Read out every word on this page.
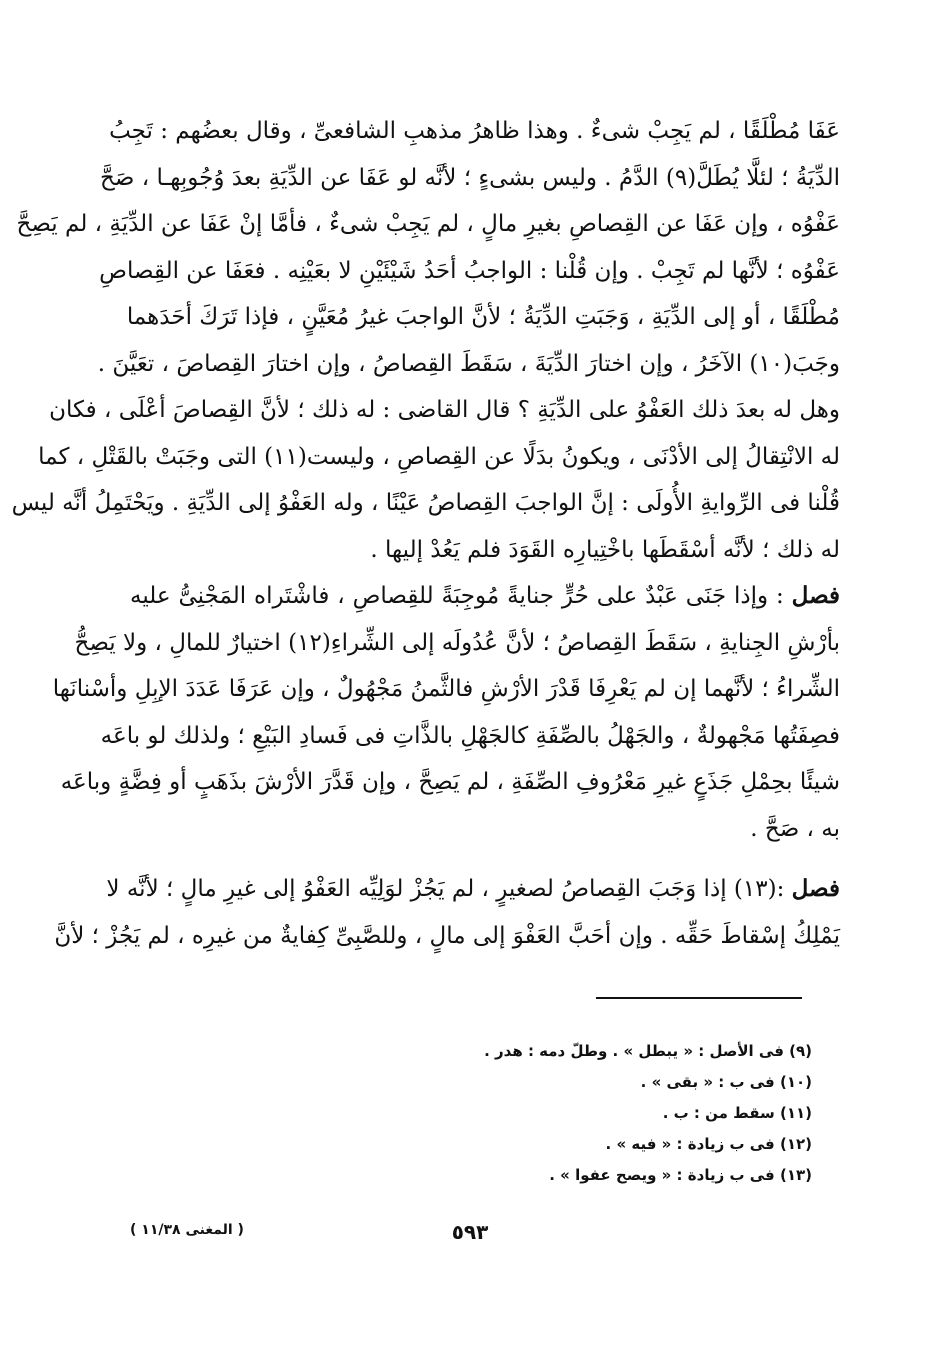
عَفَا مُطْلَقًا ، لم يَجِبْ شىءٌ . وهذا ظاهرُ مذهبِ الشافعىِّ ، وقال بعضُهم : تَجِبُ
الدِّيَةُ ؛ لئلَّا يُطَلَّ(٩) الدَّمُ . وليس بشىءٍ ؛ لأنَّه لو عَفَا عن الدِّيَةِ بعدَ وُجُوبِهـا ، صَحَّ
عَفْوُه ، وإن عَفَا عن القِصاصِ بغيرِ مالٍ ، لم يَجِبْ شىءٌ ، فأمَّا إنْ عَفَا عن الدِّيَةِ ، لم يَصِحَّ
عَفْوُه ؛ لأنَّها لم تَجِبْ . وإن قُلْنا : الواجبُ أحَدُ شَيْئَيْنِ لا بعَيْنِه . فعَفَا عن القِصاصِ
مُطْلَقًا ، أو إلى الدِّيَةِ ، وَجَبَتِ الدِّيَةُ ؛ لأنَّ الواجبَ غيرُ مُعَيَّنٍ ، فإذا تَرَكَ أحَدَهما
وجَبَ(١٠) الآخَرُ ، وإن اختارَ الدِّيَةَ ، سَقَطَ القِصاصُ ، وإن اختارَ القِصاصَ ، تعَيَّنَ .
وهل له بعدَ ذلك العَفْوُ على الدِّيَةِ ؟ قال القاضى : له ذلك ؛ لأنَّ القِصاصَ أعْلَى ، فكان
له الانْتِقالُ إلى الأدْنَى ، ويكونُ بدَلًا عن القِصاصِ ، وليست(١١) التى وجَبَتْ بالقَتْلِ ، كما
قُلْنا فى الرِّوايةِ الأُولَى : إنَّ الواجبَ القِصاصُ عَيْنًا ، وله العَفْوُ إلى الدِّيَةِ . ويَحْتَمِلُ أنَّه ليس
له ذلك ؛ لأنَّه أسْقَطَها باخْتِيارِه القَوَدَ فلم يَعُدْ إليها .
فصل : وإذا جَنَى عَبْدٌ على حُرٍّ جنايةً مُوجِبَةً للقِصاصِ ، فاشْتَراه المَجْنِىُّ عليه
بأرْشِ الجِنايةِ ، سَقَطَ القِصاصُ ؛ لأنَّ عُدُولَه إلى الشِّراءِ(١٢) اختيارٌ للمالِ ، ولا يَصِحُّ
الشِّراءُ ؛ لأنَّهما إن لم يَعْرِفَا قَدْرَ الأرْشِ فالثَّمنُ مَجْهُولٌ ، وإن عَرَفَا عَدَدَ الإبِلِ وأسْنانَها
فصِفَتُها مَجْهولةٌ ، والجَهْلُ بالصِّفَةِ كالجَهْلِ بالذَّاتِ فى فَسادِ البَيْعِ ؛ ولذلك لو باعَه
شيئًا بحِمْلِ جَذَعٍ غيرِ مَعْرُوفِ الصِّفَةِ ، لم يَصِحَّ ، وإن قَدَّرَ الأرْشَ بذَهَبٍ أو فِضَّةٍ وباعَه
به ، صَحَّ .
فصل :(١٣) إذا وَجَبَ القِصاصُ لصغيرٍ ، لم يَجُزْ لوَلِيِّه العَفْوُ إلى غيرِ مالٍ ؛ لأنَّه لا
يَمْلِكُ إسْقاطَ حَقِّه . وإن أحَبَّ العَفْوَ إلى مالٍ ، وللصَّبِىِّ كِفايةٌ من غيرِه ، لم يَجُزْ ؛ لأنَّ
(٩) فى الأصل : « يبطل » . وطلّ دمه : هدر .
(١٠) فى ب : « بقى » .
(١١) سقط من : ب .
(١٢) فى ب زيادة : « فيه » .
(١٣) فى ب زيادة : « ويصح عفوا » .
٥٩٣
( المغنى ١١/٣٨ )
